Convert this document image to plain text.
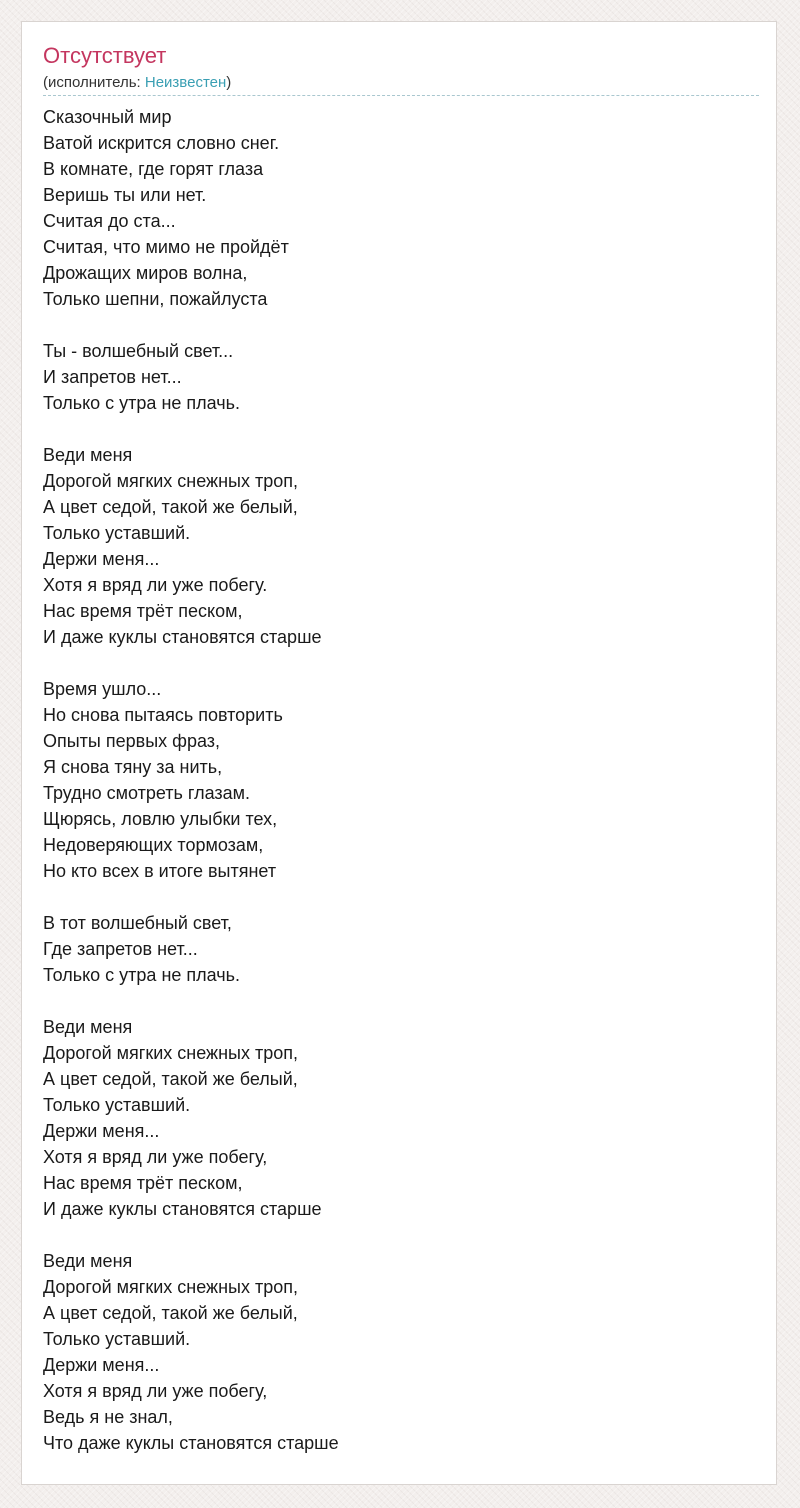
Отсутствует
(исполнитель: Неизвестен)
Сказочный мир
Ватой искрится словно снег.
В комнате, где горят глаза
Веришь ты или нет.
Считая до ста...
Считая, что мимо не пройдёт
Дрожащих миров волна,
Только шепни, пожайлуста
Ты - волшебный свет...
И запретов нет...
Только с утра не плачь.
Веди меня
Дорогой мягких снежных троп,
А цвет седой, такой же белый,
Только уставший.
Держи меня...
Хотя я вряд ли уже побегу.
Нас время трёт песком,
И даже куклы становятся старше
Время ушло...
Но снова пытаясь повторить
Опыты первых фраз,
Я снова тяну за нить,
Трудно смотреть глазам.
Щюрясь, ловлю улыбки тех,
Недоверяющих тормозам,
Но кто всех в итоге вытянет
В тот волшебный свет,
Где запретов нет...
Только с утра не плачь.
Веди меня
Дорогой мягких снежных троп,
А цвет седой, такой же белый,
Только уставший.
Держи меня...
Хотя я вряд ли уже побегу,
Нас время трёт песком,
И даже куклы становятся старше
Веди меня
Дорогой мягких снежных троп,
А цвет седой, такой же белый,
Только уставший.
Держи меня...
Хотя я вряд ли уже побегу,
Ведь я не знал,
Что даже куклы становятся старше
